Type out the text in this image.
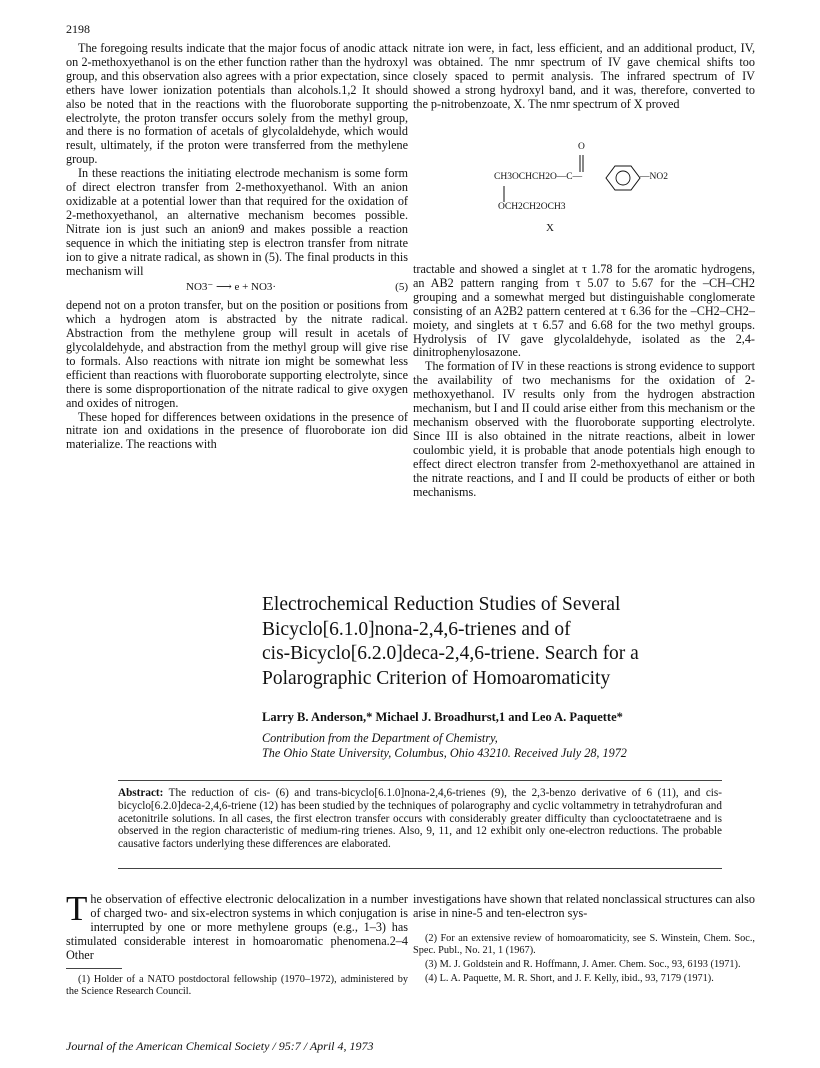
2198

The foregoing results indicate that the major focus of anodic attack on 2-methoxyethanol is on the ether function rather than the hydroxyl group, and this observation also agrees with a prior expectation, since ethers have lower ionization potentials than alcohols.1,2 It should also be noted that in the reactions with the fluoroborate supporting electrolyte, the proton transfer occurs solely from the methyl group, and there is no formation of acetals of glycolaldehyde, which would result, ultimately, if the proton were transferred from the methylene group.

In these reactions the initiating electrode mechanism is some form of direct electron transfer from 2-methoxyethanol. With an anion oxidizable at a potential lower than that required for the oxidation of 2-methoxyethanol, an alternative mechanism becomes possible. Nitrate ion is just such an anion9 and makes possible a reaction sequence in which the initiating step is electron transfer from nitrate ion to give a nitrate radical, as shown in (5). The final products in this mechanism will

NO3⁻ ⟶ e + NO3·	(5)

depend not on a proton transfer, but on the position or positions from which a hydrogen atom is abstracted by the nitrate radical. Abstraction from the methylene group will result in acetals of glycolaldehyde, and abstraction from the methyl group will give rise to formals. Also reactions with nitrate ion might be somewhat less efficient than reactions with fluoroborate supporting electrolyte, since there is some disproportionation of the nitrate radical to give oxygen and oxides of nitrogen.

These hoped for differences between oxidations in the presence of nitrate ion and oxidations in the presence of fluoroborate ion did materialize. The reactions with

nitrate ion were, in fact, less efficient, and an additional product, IV, was obtained. The nmr spectrum of IV gave chemical shifts too closely spaced to permit analysis. The infrared spectrum of IV showed a strong hydroxyl band, and it was, therefore, converted to the p-nitrobenzoate, X. The nmr spectrum of X proved

O
CH3OCHCH2O—C—	—NO2
OCH2CH2OCH3
X

tractable and showed a singlet at τ 1.78 for the aromatic hydrogens, an AB2 pattern ranging from τ 5.07 to 5.67 for the –CH–CH2 grouping and a somewhat merged but distinguishable conglomerate consisting of an A2B2 pattern centered at τ 6.36 for the –CH2–CH2– moiety, and singlets at τ 6.57 and 6.68 for the two methyl groups. Hydrolysis of IV gave glycolaldehyde, isolated as the 2,4-dinitrophenylosazone.

The formation of IV in these reactions is strong evidence to support the availability of two mechanisms for the oxidation of 2-methoxyethanol. IV results only from the hydrogen abstraction mechanism, but I and II could arise either from this mechanism or the mechanism observed with the fluoroborate supporting electrolyte. Since III is also obtained in the nitrate reactions, albeit in lower coulombic yield, it is probable that anode potentials high enough to effect direct electron transfer from 2-methoxyethanol are attained in the nitrate reactions, and I and II could be products of either or both mechanisms.

Electrochemical Reduction Studies of Several
Bicyclo[6.1.0]nona-2,4,6-trienes and of
cis-Bicyclo[6.2.0]deca-2,4,6-triene. Search for a
Polarographic Criterion of Homoaromaticity
Larry B. Anderson,* Michael J. Broadhurst,1 and Leo A. Paquette*
Contribution from the Department of Chemistry,
The Ohio State University, Columbus, Ohio 43210. Received July 28, 1972
Abstract: The reduction of cis- (6) and trans-bicyclo[6.1.0]nona-2,4,6-trienes (9), the 2,3-benzo derivative of 6 (11), and cis-bicyclo[6.2.0]deca-2,4,6-triene (12) has been studied by the techniques of polarography and cyclic voltammetry in tetrahydrofuran and acetonitrile solutions. In all cases, the first electron transfer occurs with considerably greater difficulty than cyclooctatetraene and is observed in the region characteristic of medium-ring trienes. Also, 9, 11, and 12 exhibit only one-electron reductions. The probable causative factors underlying these differences are elaborated.

The observation of effective electronic delocalization in a number of charged two- and six-electron systems in which conjugation is interrupted by one or more methylene groups (e.g., 1–3) has stimulated considerable interest in homoaromatic phenomena.2–4 Other

(1) Holder of a NATO postdoctoral fellowship (1970–1972), administered by the Science Research Council.

investigations have shown that related nonclassical structures can also arise in nine-5 and ten-electron sys-

(2) For an extensive review of homoaromaticity, see S. Winstein, Chem. Soc., Spec. Publ., No. 21, 1 (1967).

(3) M. J. Goldstein and R. Hoffmann, J. Amer. Chem. Soc., 93, 6193 (1971).

(4) L. A. Paquette, M. R. Short, and J. F. Kelly, ibid., 93, 7179 (1971).

Journal of the American Chemical Society / 95:7 / April 4, 1973
